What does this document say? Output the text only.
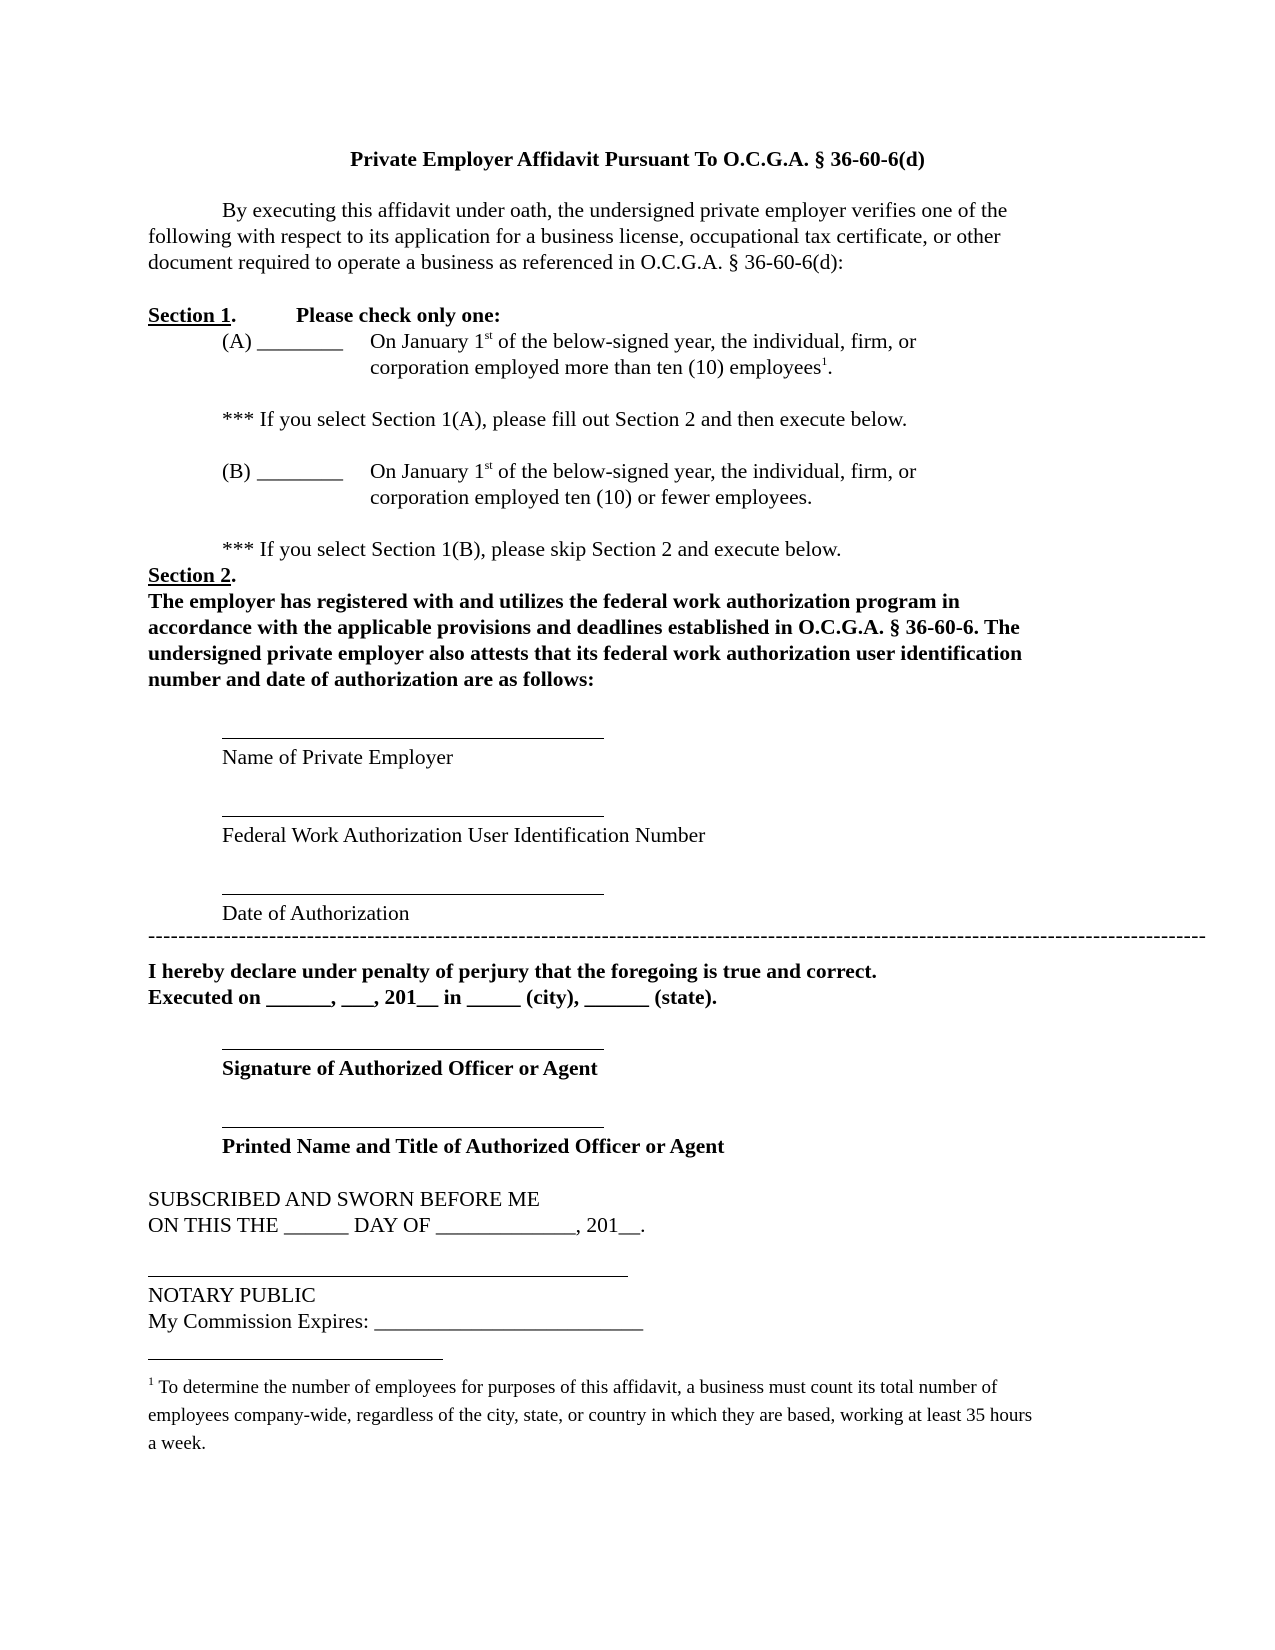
Private Employer Affidavit Pursuant To O.C.G.A. § 36-60-6(d)
By executing this affidavit under oath, the undersigned private employer verifies one of the
following with respect to its application for a business license, occupational tax certificate, or other
document required to operate a business as referenced in O.C.G.A. § 36-60-6(d):
Section 1.	Please check only one:
(A) ________ On January 1st of the below-signed year, the individual, firm, or
corporation employed more than ten (10) employees$^1$.
*** If you select Section 1(A), please fill out Section 2 and then execute below.
(B) ________ On January 1st of the below-signed year, the individual, firm, or
corporation employed ten (10) or fewer employees.
*** If you select Section 1(B), please skip Section 2 and execute below.
Section 2.
The employer has registered with and utilizes the federal work authorization program in
accordance with the applicable provisions and deadlines established in O.C.G.A. § 36-60-6. The
undersigned private employer also attests that its federal work authorization user identification
number and date of authorization are as follows:
Name of Private Employer
Federal Work Authorization User Identification Number
Date of Authorization
--------------------------------------------------------------------------------------------------------------------------------------------
I hereby declare under penalty of perjury that the foregoing is true and correct.
Executed on ______, ___, 201__ in _____ (city), ______ (state).
Signature of Authorized Officer or Agent
Printed Name and Title of Authorized Officer or Agent
SUBSCRIBED AND SWORN BEFORE ME
ON THIS THE ______ DAY OF _____________, 201__.
NOTARY PUBLIC
My Commission Expires: _________________________
$^1$ To determine the number of employees for purposes of this affidavit, a business must count its total number of
employees company-wide, regardless of the city, state, or country in which they are based, working at least 35 hours
a week.
